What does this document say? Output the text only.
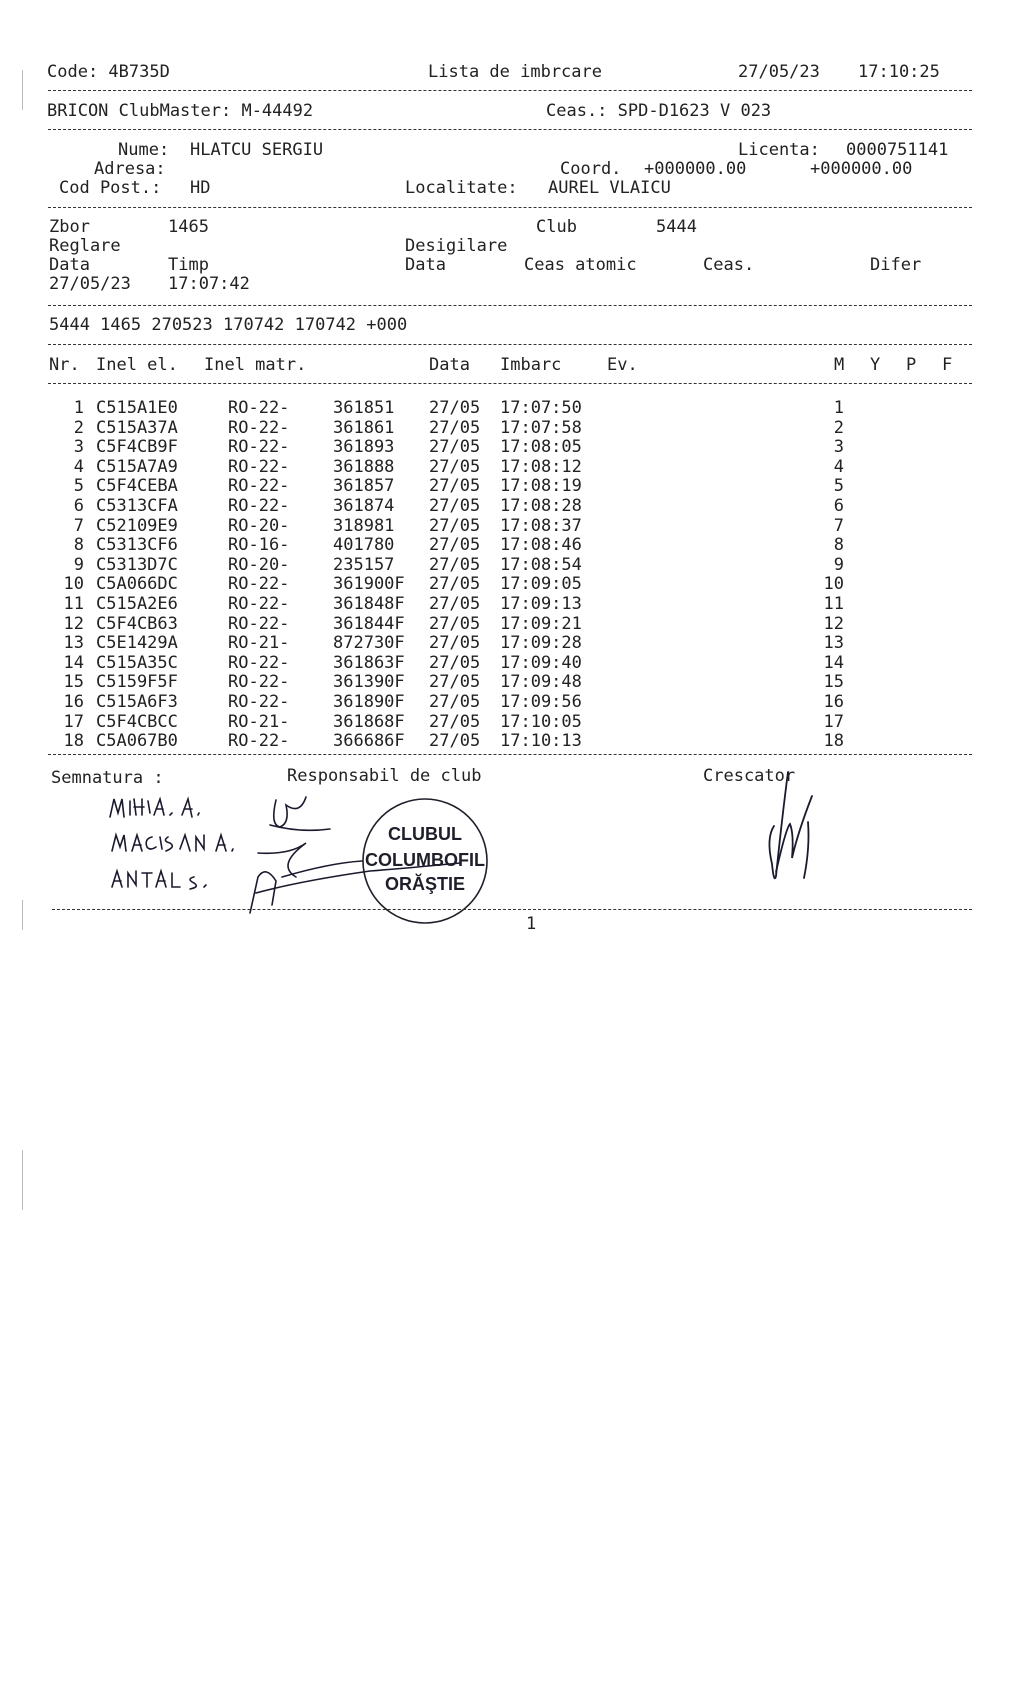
Code: 4B735D	Lista de imbrcare	27/05/23 17:10:25
BRICON ClubMaster: M-44492	Ceas.: SPD-D1623 V 023
Nume: HLATCU SERGIU	Licenta: 0000751141
Adresa:	Coord. +000000.00	+000000.00
Cod Post.: HD	Localitate: AUREL VLAICU
Zbor	1465	Club	5444
Reglare	Desigilare
Data	Timp	Data	Ceas atomic	Ceas.	Difer
27/05/23 17:07:42
5444 1465 270523 170742 170742 +000
Nr. Inel el. Inel matr.	Data Imbarc	Ev.	M Y P F
1 C515A1E0	RO-22-	361851	27/05	17:07:50	1
2 C515A37A	RO-22-	361861	27/05	17:07:58	2
3 C5F4CB9F	RO-22-	361893	27/05	17:08:05	3
4 C515A7A9	RO-22-	361888	27/05	17:08:12	4
5 C5F4CEBA	RO-22-	361857	27/05	17:08:19	5
6 C5313CFA	RO-22-	361874	27/05	17:08:28	6
7 C52109E9	RO-20-	318981	27/05	17:08:37	7
8 C5313CF6	RO-16-	401780	27/05	17:08:46	8
9 C5313D7C	RO-20-	235157	27/05	17:08:54	9
10 C5A066DC	RO-22-	361900F	27/05	17:09:05	10
11 C515A2E6	RO-22-	361848F	27/05	17:09:13	11
12 C5F4CB63	RO-22-	361844F	27/05	17:09:21	12
13 C5E1429A	RO-21-	872730F	27/05	17:09:28	13
14 C515A35C	RO-22-	361863F	27/05	17:09:40	14
15 C5159F5F	RO-22-	361390F	27/05	17:09:48	15
16 C515A6F3	RO-22-	361890F	27/05	17:09:56	16
17 C5F4CBCC	RO-21-	361868F	27/05	17:10:05	17
18 C5A067B0	RO-22-	366686F	27/05	17:10:13	18
Semnatura :	Responsabil de club	Crescator
CLUBUL
COLUMBOFIL
ORĂŞTIE
1
